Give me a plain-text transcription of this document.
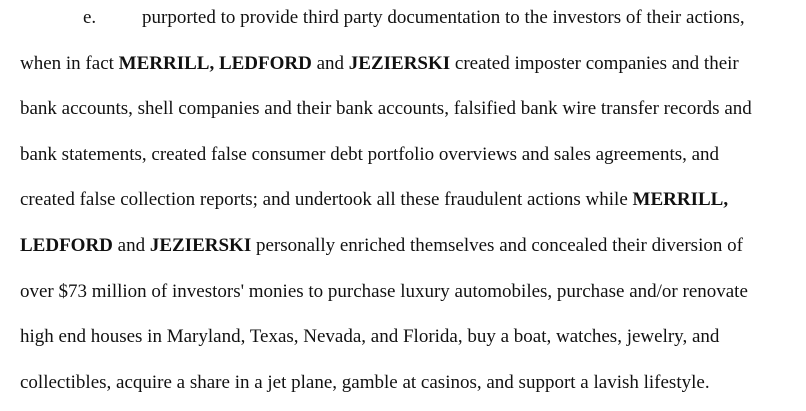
e. purported to provide third party documentation to the investors of their actions,
when in fact MERRILL, LEDFORD and JEZIERSKI created imposter companies and their
bank accounts, shell companies and their bank accounts, falsified bank wire transfer records and
bank statements, created false consumer debt portfolio overviews and sales agreements, and
created false collection reports; and undertook all these fraudulent actions while MERRILL,
LEDFORD and JEZIERSKI personally enriched themselves and concealed their diversion of
over $73 million of investors' monies to purchase luxury automobiles, purchase and/or renovate
high end houses in Maryland, Texas, Nevada, and Florida, buy a boat, watches, jewelry, and
collectibles, acquire a share in a jet plane, gamble at casinos, and support a lavish lifestyle.
